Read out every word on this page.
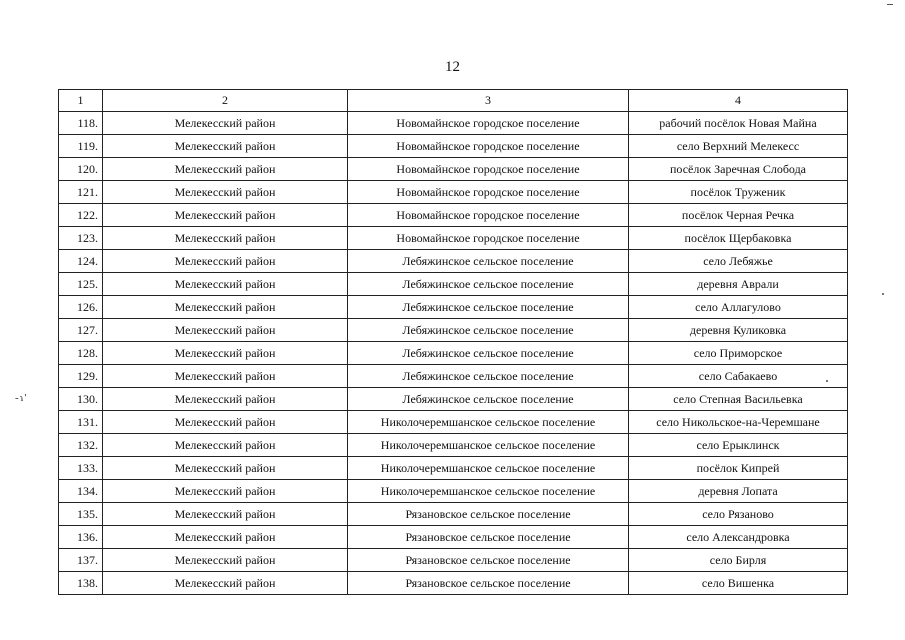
12
1	2	3	4
118.	Мелекесский район	Новомайнское городское поселение	рабочий посёлок Новая Майна
119.	Мелекесский район	Новомайнское городское поселение	село Верхний Мелекесс
120.	Мелекесский район	Новомайнское городское поселение	посёлок Заречная Слобода
121.	Мелекесский район	Новомайнское городское поселение	посёлок Труженик
122.	Мелекесский район	Новомайнское городское поселение	посёлок Черная Речка
123.	Мелекесский район	Новомайнское городское поселение	посёлок Щербаковка
124.	Мелекесский район	Лебяжинское сельское поселение	село Лебяжье
125.	Мелекесский район	Лебяжинское сельское поселение	деревня Аврали
126.	Мелекесский район	Лебяжинское сельское поселение	село Аллагулово
127.	Мелекесский район	Лебяжинское сельское поселение	деревня Куликовка
128.	Мелекесский район	Лебяжинское сельское поселение	село Приморское
129.	Мелекесский район	Лебяжинское сельское поселение	село Сабакаево
130.	Мелекесский район	Лебяжинское сельское поселение	село Степная Васильевка
131.	Мелекесский район	Николочеремшанское сельское поселение	село Никольское-на-Черемшане
132.	Мелекесский район	Николочеремшанское сельское поселение	село Ерыклинск
133.	Мелекесский район	Николочеремшанское сельское поселение	посёлок Кипрей
134.	Мелекесский район	Николочеремшанское сельское поселение	деревня Лопата
135.	Мелекесский район	Рязановское сельское поселение	село Рязаново
136.	Мелекесский район	Рязановское сельское поселение	село Александровка
137.	Мелекесский район	Рязановское сельское поселение	село Бирля
138.	Мелекесский район	Рязановское сельское поселение	село Вишенка
-ɿ'
